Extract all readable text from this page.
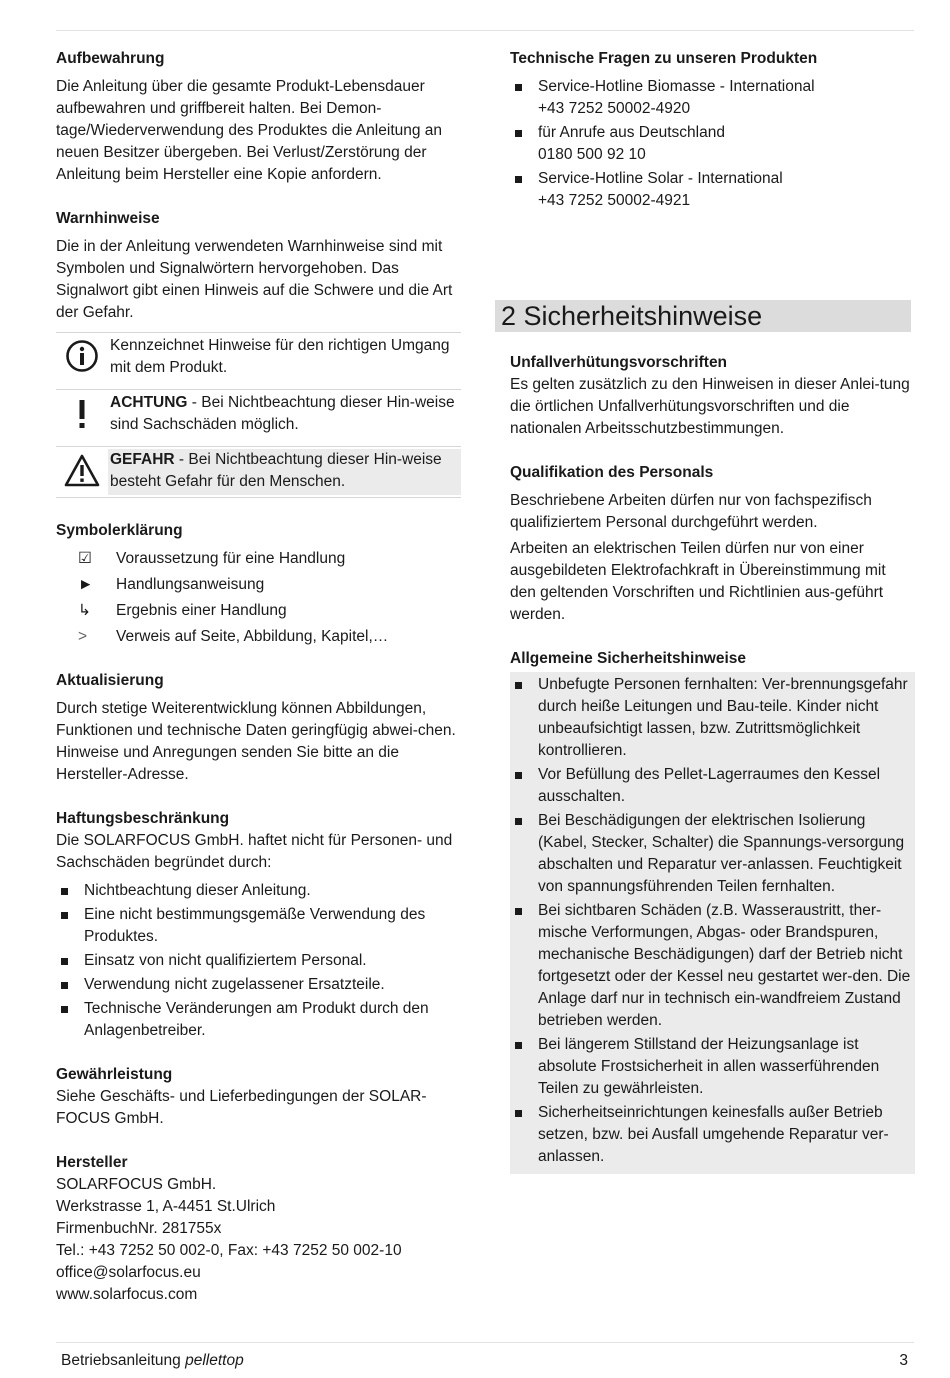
Aufbewahrung

Die Anleitung über die gesamte Produkt-Lebensdauer aufbewahren und griffbereit halten. Bei Demon-tage/Wiederverwendung des Produktes die Anleitung an neuen Besitzer übergeben. Bei Verlust/Zerstörung der Anleitung beim Hersteller eine Kopie anfordern.

Warnhinweise

Die in der Anleitung verwendeten Warnhinweise sind mit Symbolen und Signalwörtern hervorgehoben. Das Signalwort gibt einen Hinweis auf die Schwere und die Art der Gefahr.

Kennzeichnet Hinweise für den richtigen Umgang mit dem Produkt.
ACHTUNG - Bei Nichtbeachtung dieser Hin-weise sind Sachschäden möglich.
GEFAHR - Bei Nichtbeachtung dieser Hin-weise besteht Gefahr für den Menschen.
Symbolerklärung
☑	Voraussetzung für eine Handlung
►	Handlungsanweisung
↳	Ergebnis einer Handlung
>	Verweis auf Seite, Abbildung, Kapitel,…
Aktualisierung

Durch stetige Weiterentwicklung können Abbildungen, Funktionen und technische Daten geringfügig abwei-chen. Hinweise und Anregungen senden Sie bitte an die Hersteller-Adresse.

Haftungsbeschränkung

Die SOLARFOCUS GmbH. haftet nicht für Personen- und Sachschäden begründet durch:

Nichtbeachtung dieser Anleitung.
Eine nicht bestimmungsgemäße Verwendung des Produktes.
Einsatz von nicht qualifiziertem Personal.
Verwendung nicht zugelassener Ersatzteile.
Technische Veränderungen am Produkt durch den Anlagenbetreiber.
Gewährleistung

Siehe Geschäfts- und Lieferbedingungen der SOLAR-FOCUS GmbH.

Hersteller

SOLARFOCUS GmbH.

Werkstrasse 1, A-4451 St.Ulrich

FirmenbuchNr. 281755x

Tel.: +43 7252 50 002-0, Fax: +43 7252 50 002-10

office@solarfocus.eu

www.solarfocus.com

Technische Fragen zu unseren Produkten
Service-Hotline Biomasse - International
+43 7252 50002-4920
für Anrufe aus Deutschland
0180 500 92 10
Service-Hotline Solar - International
+43 7252 50002-4921
2 Sicherheitshinweise
Unfallverhütungsvorschriften

Es gelten zusätzlich zu den Hinweisen in dieser Anlei-tung die örtlichen Unfallverhütungsvorschriften und die nationalen Arbeitsschutzbestimmungen.

Qualifikation des Personals

Beschriebene Arbeiten dürfen nur von fachspezifisch qualifiziertem Personal durchgeführt werden.

Arbeiten an elektrischen Teilen dürfen nur von einer ausgebildeten Elektrofachkraft in Übereinstimmung mit den geltenden Vorschriften und Richtlinien aus-geführt werden.

Allgemeine Sicherheitshinweise
Unbefugte Personen fernhalten: Ver-brennungsgefahr durch heiße Leitungen und Bau-teile. Kinder nicht unbeaufsichtigt lassen, bzw. Zutrittsmöglichkeit kontrollieren.
Vor Befüllung des Pellet-Lagerraumes den Kessel ausschalten.
Bei Beschädigungen der elektrischen Isolierung (Kabel, Stecker, Schalter) die Spannungs-versorgung abschalten und Reparatur ver-anlassen. Feuchtigkeit von spannungsführenden Teilen fernhalten.
Bei sichtbaren Schäden (z.B. Wasseraustritt, ther-mische Verformungen, Abgas- oder Brandspuren, mechanische Beschädigungen) darf der Betrieb nicht fortgesetzt oder der Kessel neu gestartet wer-den. Die Anlage darf nur in technisch ein-wandfreiem Zustand betrieben werden.
Bei längerem Stillstand der Heizungsanlage ist absolute Frostsicherheit in allen wasserführenden Teilen zu gewährleisten.
Sicherheitseinrichtungen keinesfalls außer Betrieb setzen, bzw. bei Ausfall umgehende Reparatur ver-anlassen.
Betriebsanleitung pellettop	3
